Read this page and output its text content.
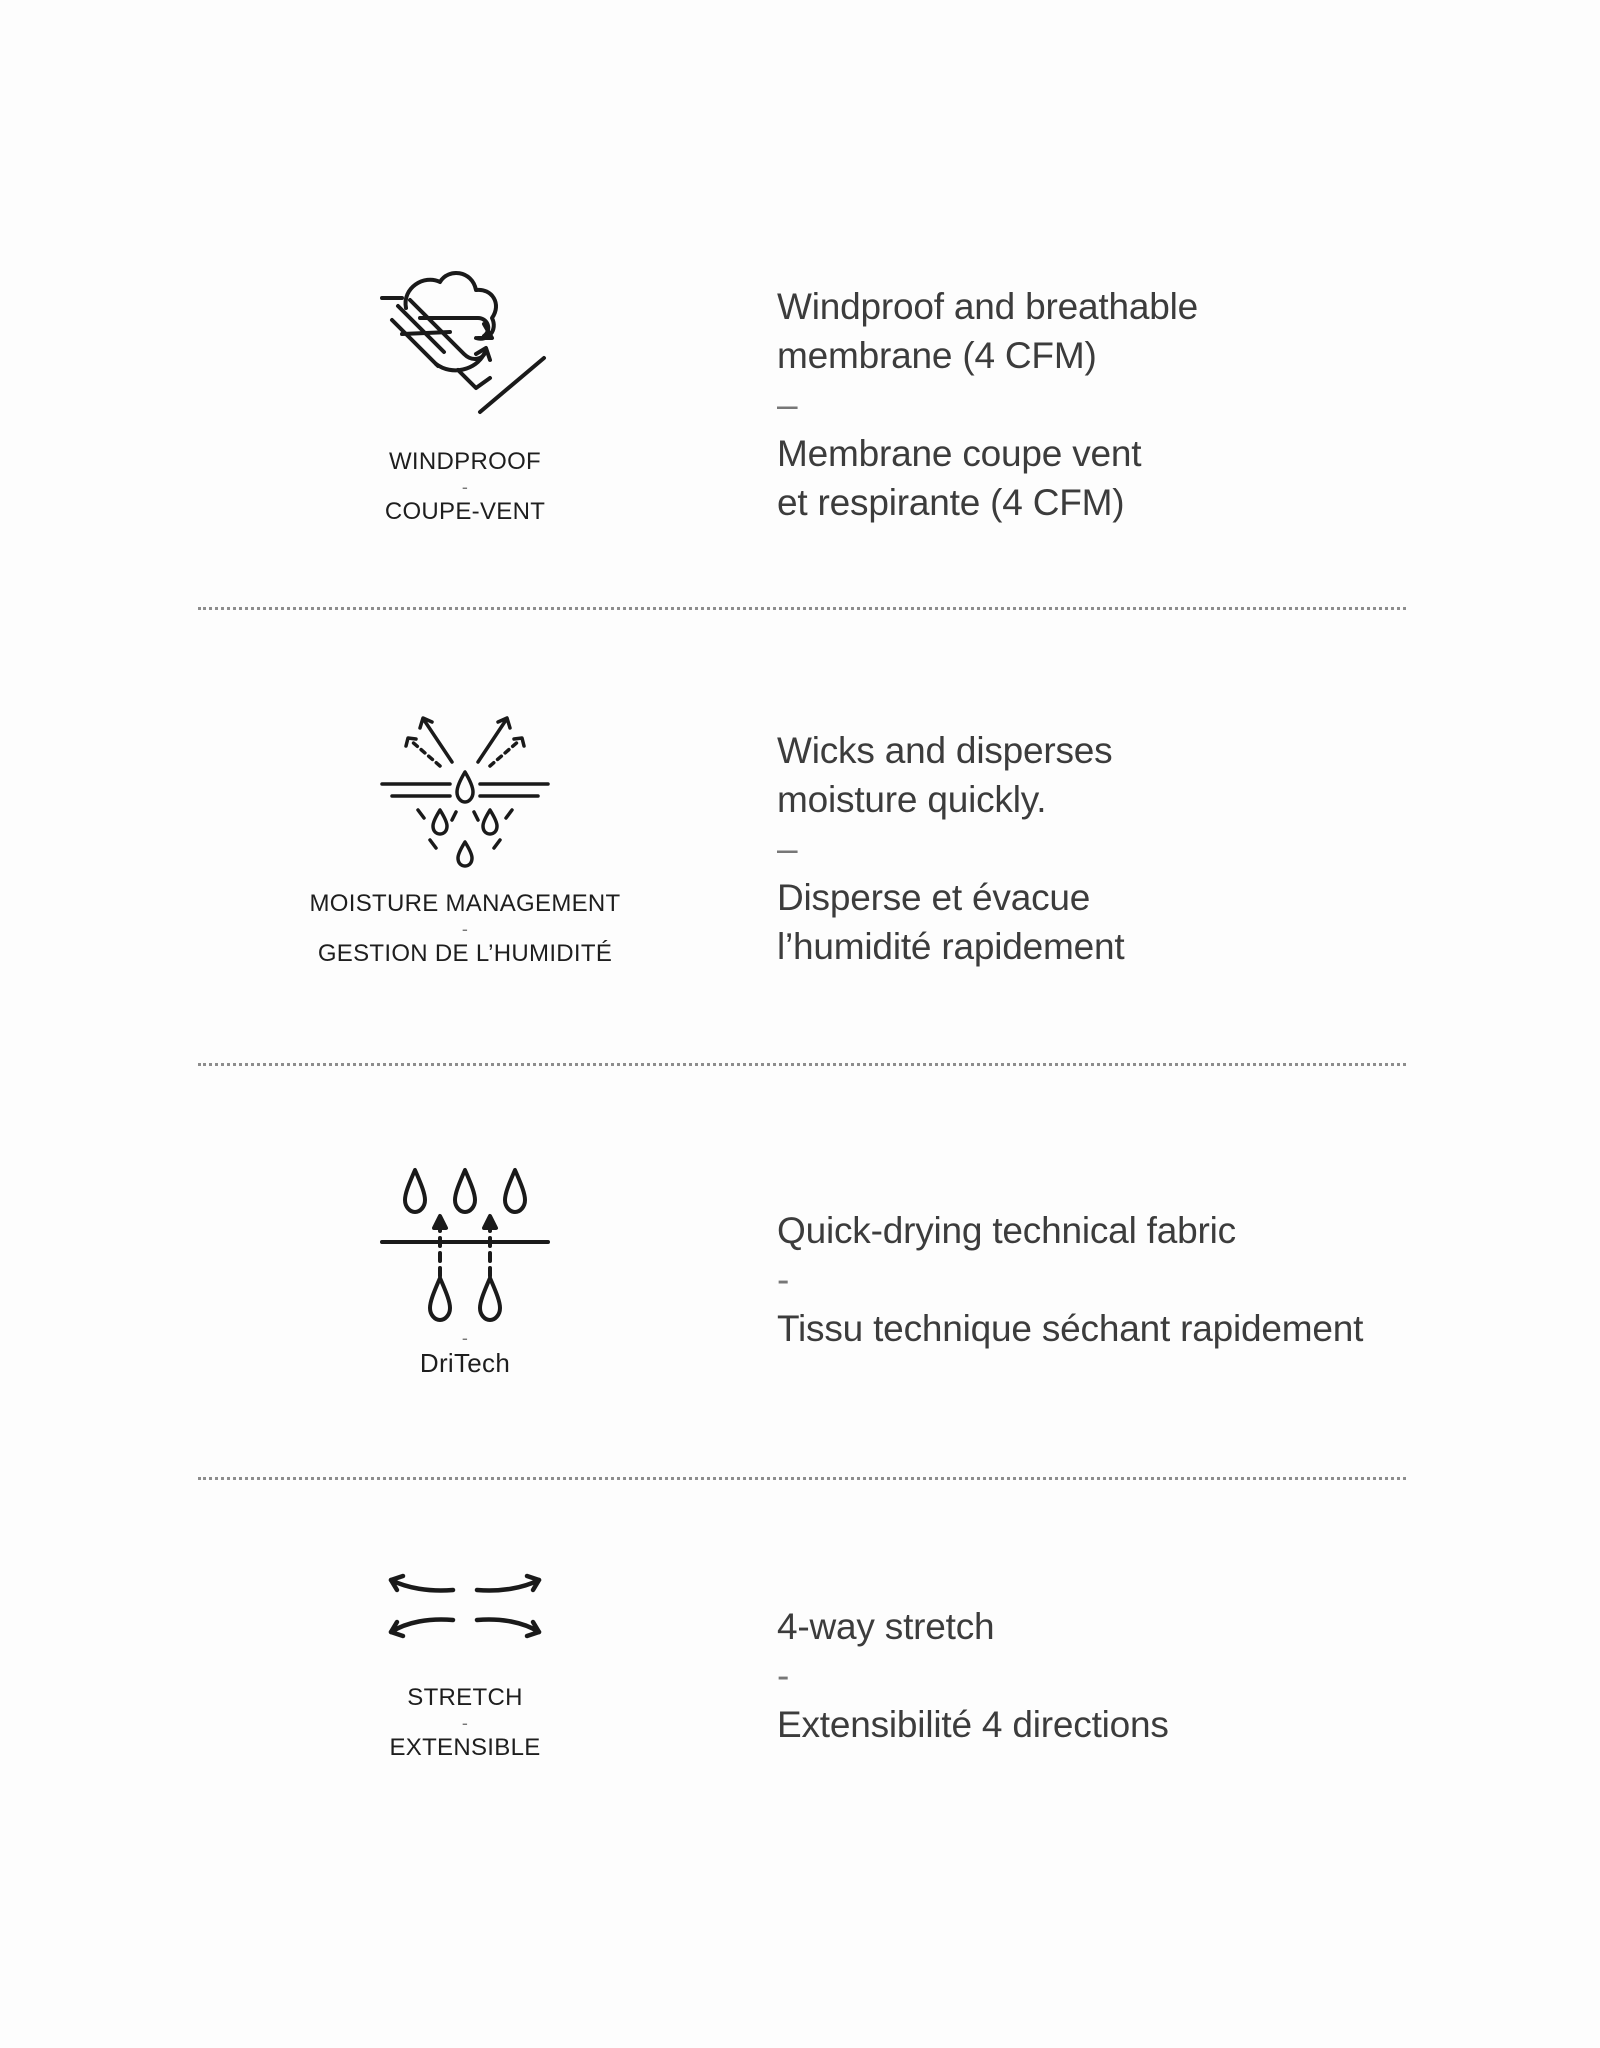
WINDPROOF
-
COUPE-VENT
Windproof and breathable
membrane (4 CFM)
–
Membrane coupe vent
et respirante (4 CFM)
MOISTURE MANAGEMENT
-
GESTION DE L’HUMIDITÉ
Wicks and disperses
moisture quickly.
–
Disperse et évacue
l’humidité rapidement
-
DriTech
Quick-drying technical fabric
-
Tissu technique séchant rapidement
STRETCH
-
EXTENSIBLE
4-way stretch
-
Extensibilité 4 directions
